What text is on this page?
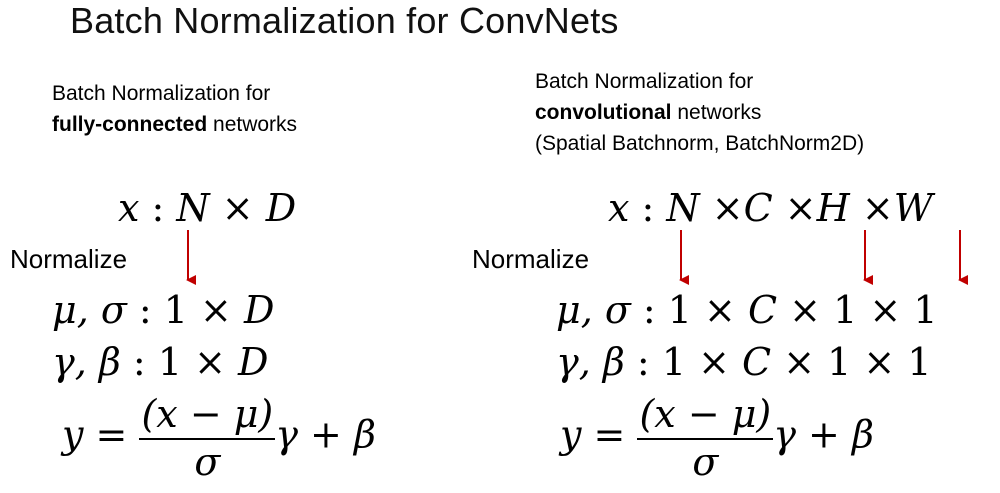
Batch Normalization for ConvNets
Batch Normalization for
fully-connected networks
x : N × D
Normalize
μ, σ : 1 × D
γ, β : 1 × D
$y = \frac{(x - \mu)}{\sigma}$ γ + β
Batch Normalization for
convolutional networks
(Spatial Batchnorm, BatchNorm2D)
x : N ×C ×H ×W
Normalize
μ, σ : 1 × C × 1 × 1
γ, β : 1 × C × 1 × 1
$y = \frac{(x - \mu)}{\sigma}$ γ + β
